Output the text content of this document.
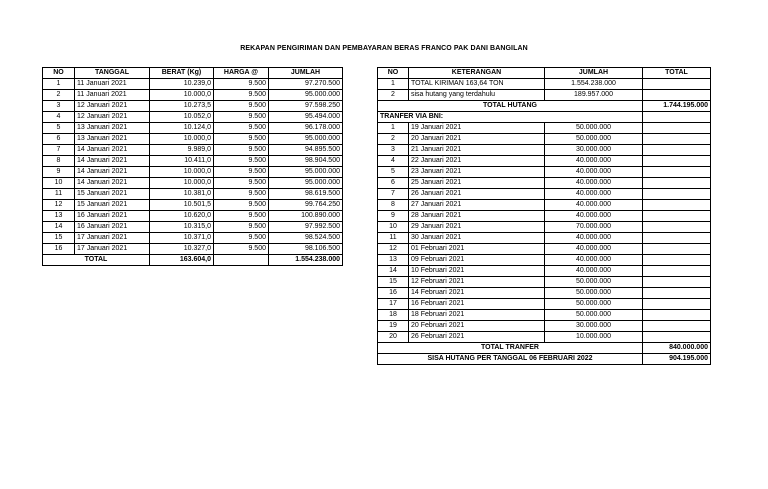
REKAPAN PENGIRIMAN DAN PEMBAYARAN BERAS FRANCO PAK DANI BANGILAN
NO	TANGGAL	BERAT (Kg)	HARGA @	JUMLAH
1	11 Januari 2021	10.239,0	9.500	97.270.500
2	11 Januari 2021	10.000,0	9.500	95.000.000
3	12 Januari 2021	10.273,5	9.500	97.598.250
4	12 Januari 2021	10.052,0	9.500	95.494.000
5	13 Januari 2021	10.124,0	9.500	96.178.000
6	13 Januari 2021	10.000,0	9.500	95.000.000
7	14 Januari 2021	9.989,0	9.500	94.895.500
8	14 Januari 2021	10.411,0	9.500	98.904.500
9	14 Januari 2021	10.000,0	9.500	95.000.000
10	14 Januari 2021	10.000,0	9.500	95.000.000
11	15 Januari 2021	10.381,0	9.500	98.619.500
12	15 Januari 2021	10.501,5	9.500	99.764.250
13	16 Januari 2021	10.620,0	9.500	100.890.000
14	16 Januari 2021	10.315,0	9.500	97.992.500
15	17 Januari 2021	10.371,0	9.500	98.524.500
16	17 Januari 2021	10.327,0	9.500	98.106.500
TOTAL		163.604,0		1.554.238.000
NO	KETERANGAN	JUMLAH	TOTAL
1	TOTAL KIRIMAN 163,64 TON	1.554.238.000	
2	sisa hutang yang terdahulu	189.957.000	
TOTAL HUTANG			1.744.195.000
TRANFER VIA BNI:			
1	19 Januari 2021	50.000.000	
2	20 Januari 2021	50.000.000	
3	21 Januari 2021	30.000.000	
4	22 Januari 2021	40.000.000	
5	23 Januari 2021	40.000.000	
6	25 Januari 2021	40.000.000	
7	26 Januari 2021	40.000.000	
8	27 Januari 2021	40.000.000	
9	28 Januari 2021	40.000.000	
10	29 Januari 2021	70.000.000	
11	30 Januari 2021	40.000.000	
12	01 Februari 2021	40.000.000	
13	09 Februari 2021	40.000.000	
14	10 Februari 2021	40.000.000	
15	12 Februari 2021	50.000.000	
16	14 Februari 2021	50.000.000	
17	16 Februari 2021	50.000.000	
18	18 Februari 2021	50.000.000	
19	20 Februari 2021	30.000.000	
20	26 Februari 2021	10.000.000	
TOTAL TRANFER			840.000.000
SISA HUTANG PER TANGGAL 06 FEBRUARI 2022			904.195.000
